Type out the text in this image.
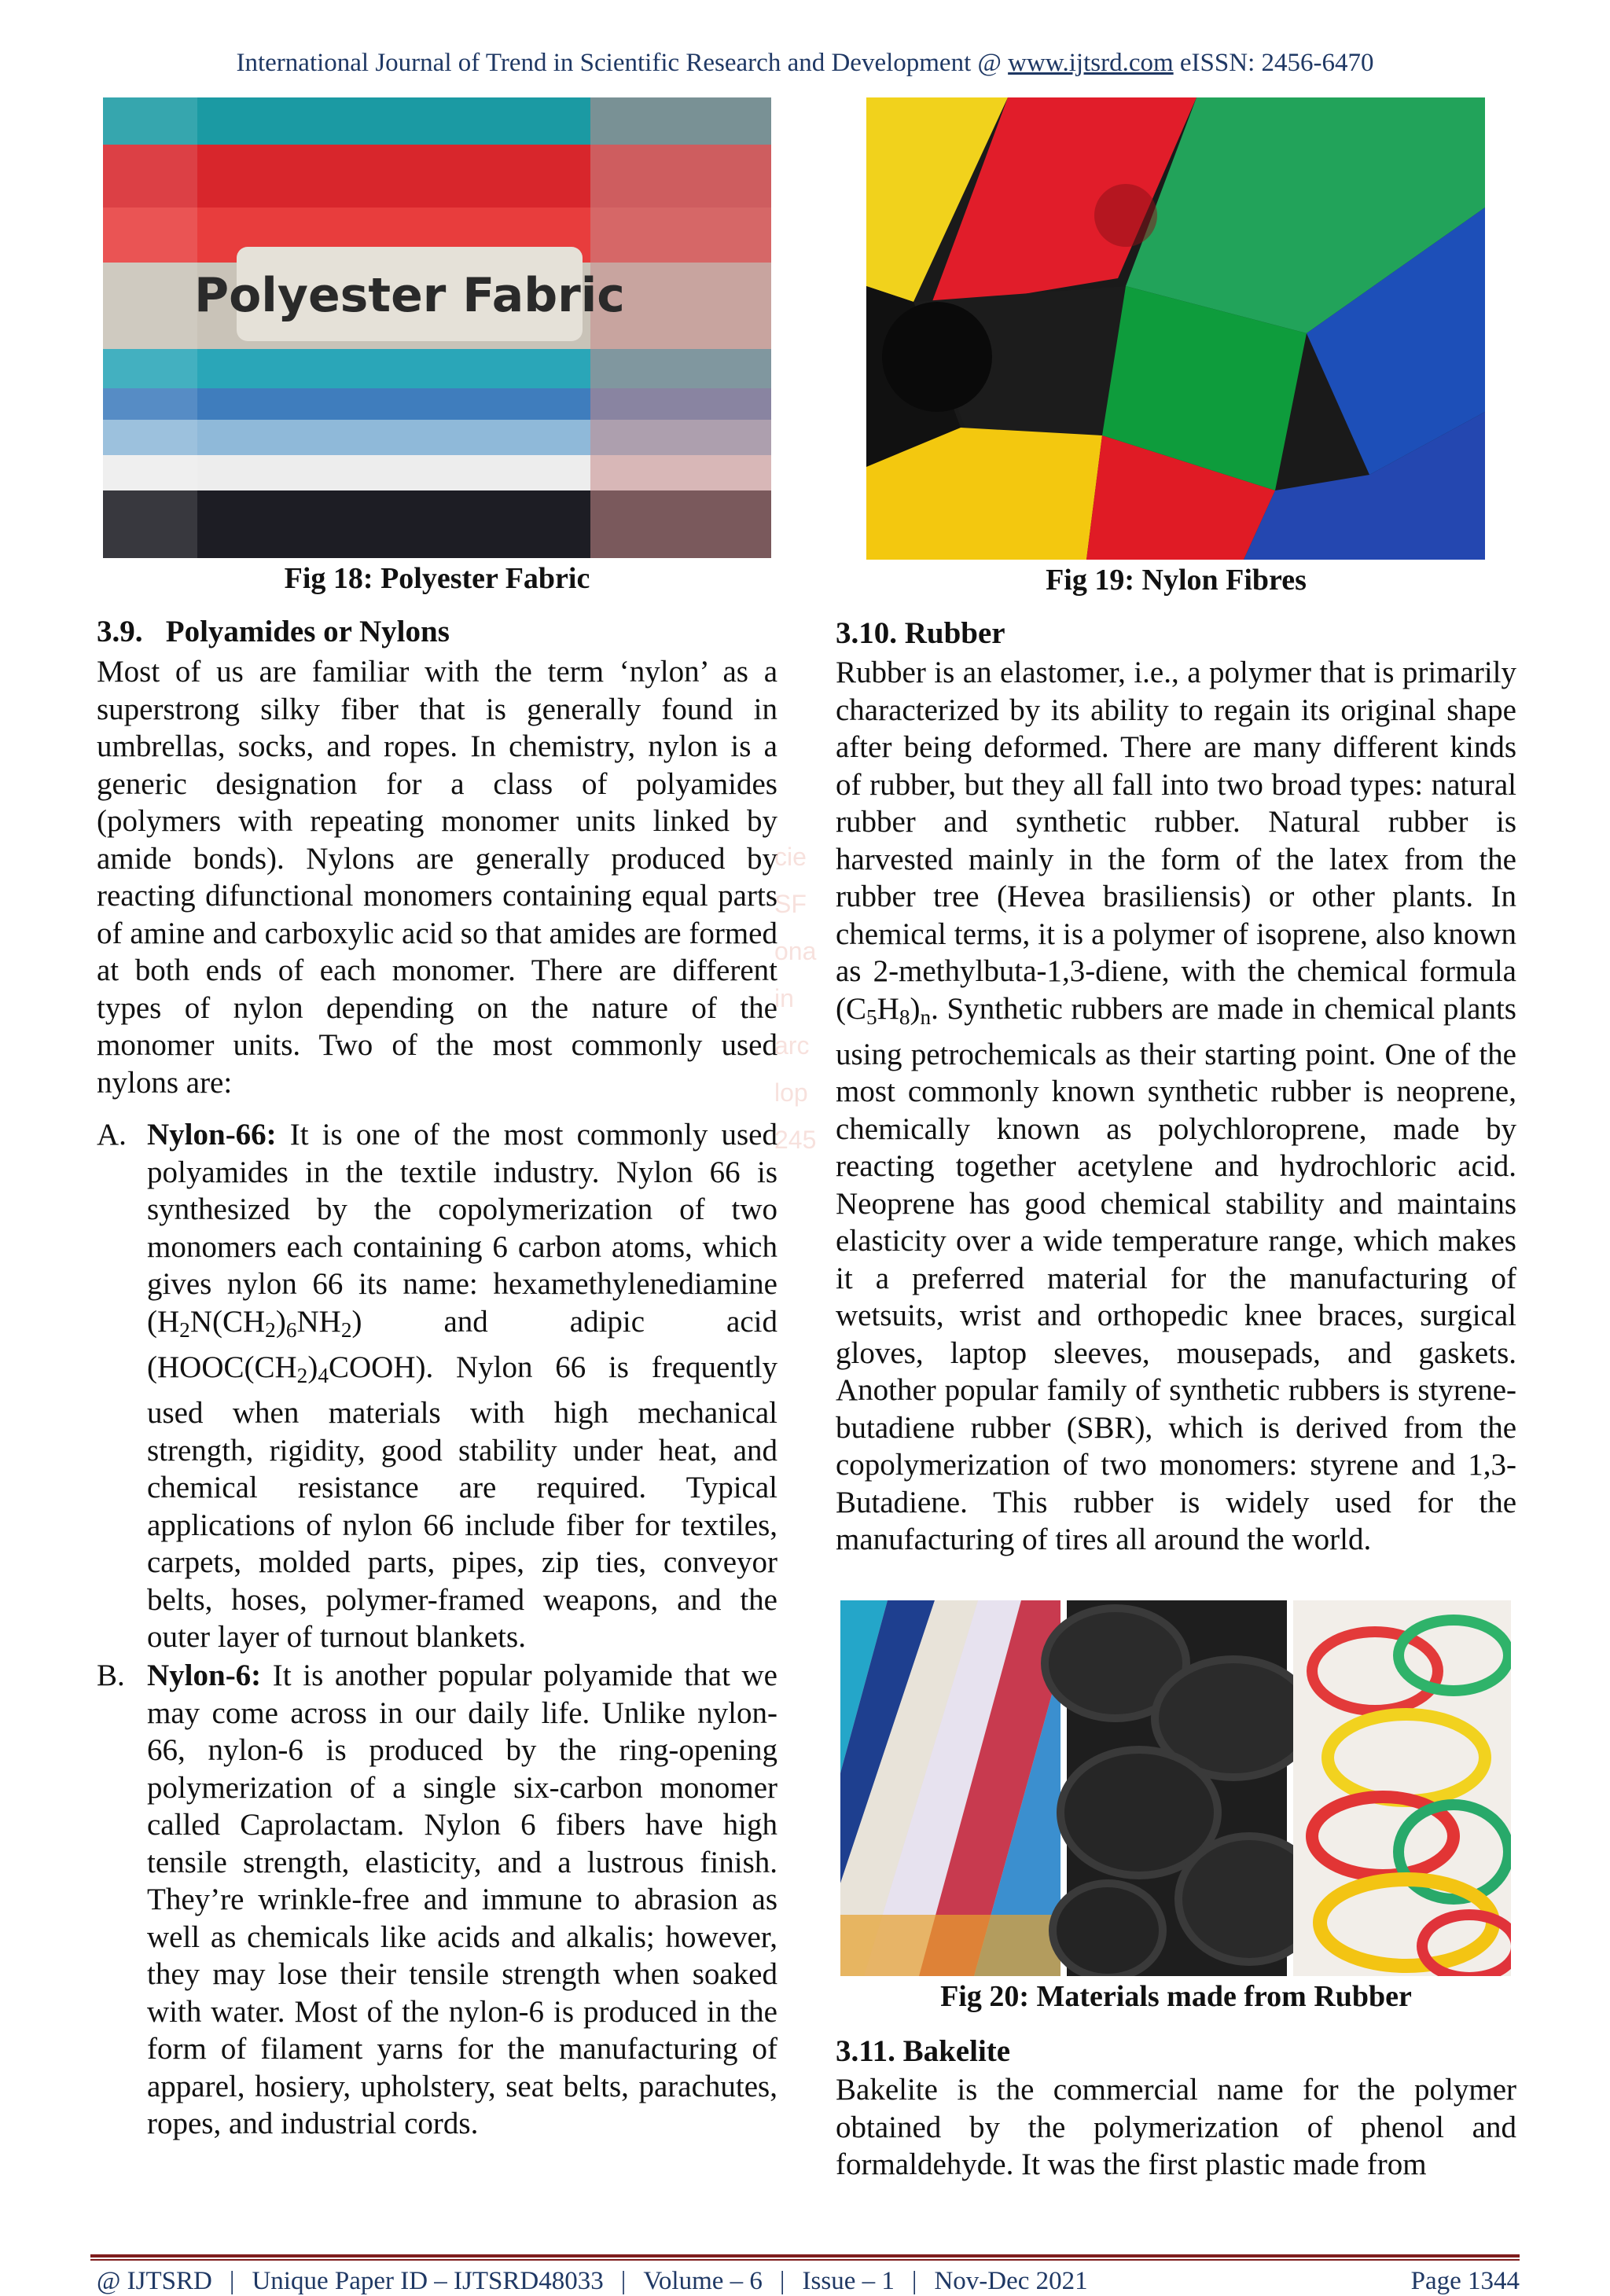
International Journal of Trend in Scientific Research and Development @ www.ijtsrd.com eISSN: 2456-6470
Polyester Fabric
Fig 18: Polyester Fabric	Fig 19: Nylon Fibres
3.9. Polyamides or Nylons
Most of us are familiar with the term ‘nylon’ as a superstrong silky fiber that is generally found in umbrellas, socks, and ropes. In chemistry, nylon is a generic designation for a class of polyamides (polymers with repeating monomer units linked by amide bonds). Nylons are generally produced by reacting difunctional monomers containing equal parts of amine and carboxylic acid so that amides are formed at both ends of each monomer. There are different types of nylon depending on the nature of the monomer units. Two of the most commonly used nylons are:
A. Nylon-66: It is one of the most commonly used polyamides in the textile industry. Nylon 66 is synthesized by the copolymerization of two monomers each containing 6 carbon atoms, which gives nylon 66 its name: hexamethylenediamine $(H_2N(CH_2)_6NH_2)$ and adipic acid $(HOOC(CH_2)_4COOH)$. Nylon 66 is frequently used when materials with high mechanical strength, rigidity, good stability under heat, and chemical resistance are required. Typical applications of nylon 66 include fiber for textiles, carpets, molded parts, pipes, zip ties, conveyor belts, hoses, polymer-framed weapons, and the outer layer of turnout blankets.
B. Nylon-6: It is another popular polyamide that we may come across in our daily life. Unlike nylon-66, nylon-6 is produced by the ring-opening polymerization of a single six-carbon monomer called Caprolactam. Nylon 6 fibers have high tensile strength, elasticity, and a lustrous finish. They’re wrinkle-free and immune to abrasion as well as chemicals like acids and alkalis; however, they may lose their tensile strength when soaked with water. Most of the nylon-6 is produced in the form of filament yarns for the manufacturing of apparel, hosiery, upholstery, seat belts, parachutes, ropes, and industrial cords.
3.10. Rubber
Rubber is an elastomer, i.e., a polymer that is primarily characterized by its ability to regain its original shape after being deformed. There are many different kinds of rubber, but they all fall into two broad types: natural rubber and synthetic rubber. Natural rubber is harvested mainly in the form of the latex from the rubber tree (Hevea brasiliensis) or other plants. In chemical terms, it is a polymer of isoprene, also known as 2-methylbuta-1,3-diene, with the chemical formula $(C_5H_8)_n$. Synthetic rubbers are made in chemical plants using petrochemicals as their starting point. One of the most commonly known synthetic rubber is neoprene, chemically known as polychloroprene, made by reacting together acetylene and hydrochloric acid. Neoprene has good chemical stability and maintains elasticity over a wide temperature range, which makes it a preferred material for the manufacturing of wetsuits, wrist and orthopedic knee braces, surgical gloves, laptop sleeves, mousepads, and gaskets. Another popular family of synthetic rubbers is styrene-butadiene rubber (SBR), which is derived from the copolymerization of two monomers: styrene and 1,3-Butadiene. This rubber is widely used for the manufacturing of tires all around the world.
Fig 20: Materials made from Rubber
3.11. Bakelite
Bakelite is the commercial name for the polymer obtained by the polymerization of phenol and formaldehyde. It was the first plastic made from
cie
SF
ona
in
arc
lop
245
@ IJTSRD | Unique Paper ID – IJTSRD48033 | Volume – 6 | Issue – 1 | Nov-Dec 2021	Page 1344
